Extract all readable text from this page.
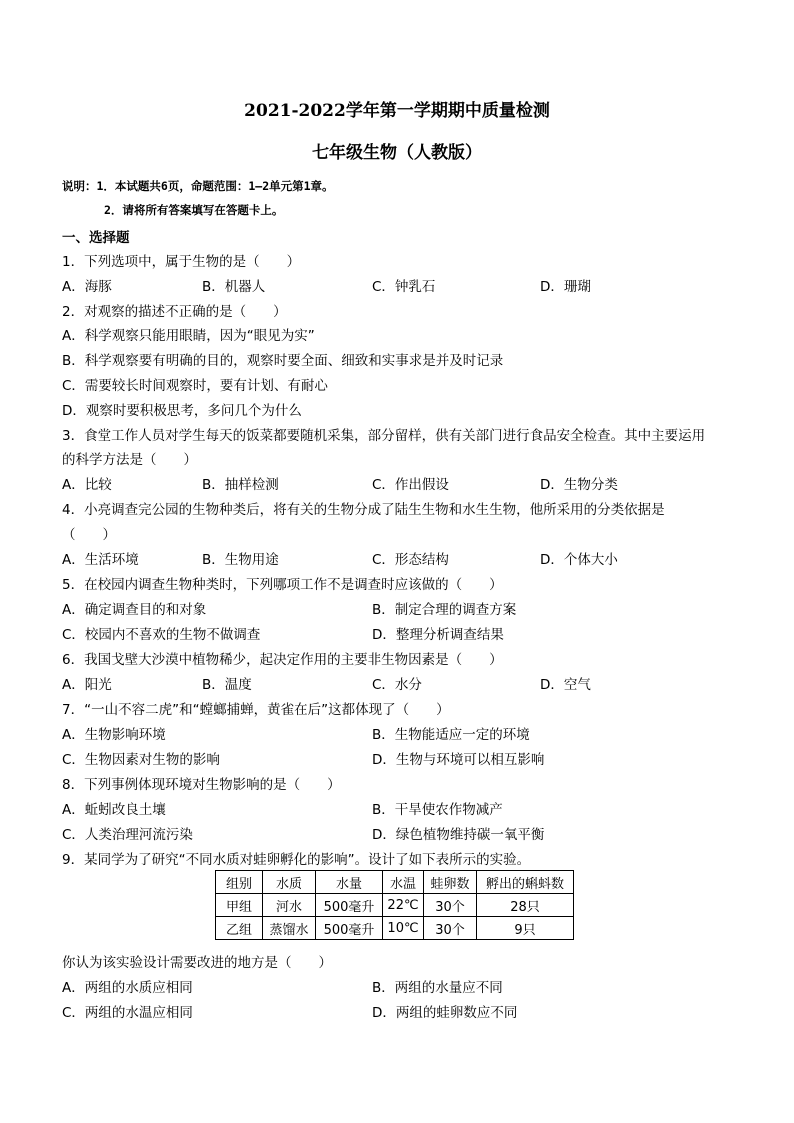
2021-2022学年第一学期期中质量检测
七年级生物（人教版）
说明：1．本试题共6页，命题范围：1—2单元第1章。
2．请将所有答案填写在答题卡上。
一、选择题
1．下列选项中，属于生物的是（　　）
A．海豚	B．机器人	C．钟乳石	D．珊瑚
2．对观察的描述不正确的是（　　）
A．科学观察只能用眼睛，因为“眼见为实”
B．科学观察要有明确的目的，观察时要全面、细致和实事求是并及时记录
C．需要较长时间观察时，要有计划、有耐心
D．观察时要积极思考，多问几个为什么
3．食堂工作人员对学生每天的饭菜都要随机采集，部分留样，供有关部门进行食品安全检查。其中主要运用
的科学方法是（　　）
A．比较	B．抽样检测	C．作出假设	D．生物分类
4．小亮调查完公园的生物种类后，将有关的生物分成了陆生生物和水生生物，他所采用的分类依据是
（　　）
A．生活环境	B．生物用途	C．形态结构	D．个体大小
5．在校园内调查生物种类时，下列哪项工作不是调查时应该做的（　　）
A．确定调查目的和对象	B．制定合理的调查方案
C．校园内不喜欢的生物不做调查	D．整理分析调查结果
6．我国戈壁大沙漠中植物稀少，起决定作用的主要非生物因素是（　　）
A．阳光	B．温度	C．水分	D．空气
7．“一山不容二虎”和“螳螂捕蝉，黄雀在后”这都体现了（　　）
A．生物影响环境	B．生物能适应一定的环境
C．生物因素对生物的影响	D．生物与环境可以相互影响
8．下列事例体现环境对生物影响的是（　　）
A．蚯蚓改良土壤	B．干旱使农作物减产
C．人类治理河流污染	D．绿色植物维持碳一氧平衡
9．某同学为了研究“不同水质对蛙卵孵化的影响”。设计了如下表所示的实验。
组别	水质	水量	水温	蛙卵数	孵出的蝌蚪数
甲组	河水	500毫升	22℃	30个	28只
乙组	蒸馏水	500毫升	10℃	30个	9只
你认为该实验设计需要改进的地方是（　　）
A．两组的水质应相同	B．两组的水量应不同
C．两组的水温应相同	D．两组的蛙卵数应不同
